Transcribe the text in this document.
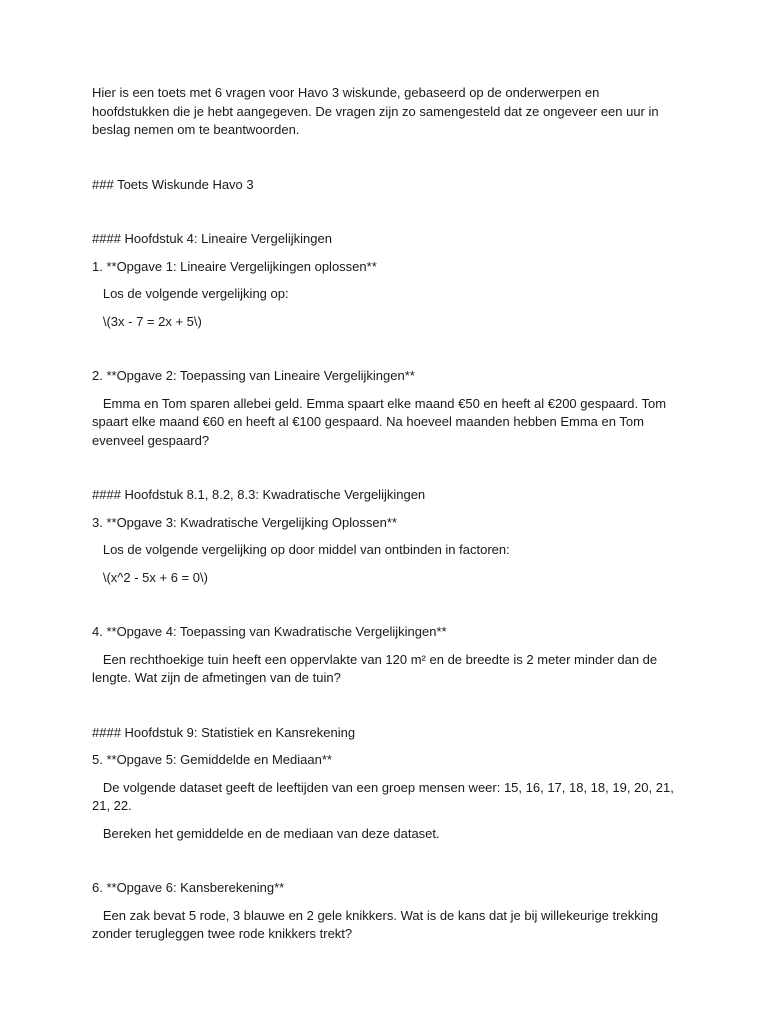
Hier is een toets met 6 vragen voor Havo 3 wiskunde, gebaseerd op de onderwerpen en hoofdstukken die je hebt aangegeven. De vragen zijn zo samengesteld dat ze ongeveer een uur in beslag nemen om te beantwoorden.

### Toets Wiskunde Havo 3

#### Hoofdstuk 4: Lineaire Vergelijkingen

1. **Opgave 1: Lineaire Vergelijkingen oplossen**

Los de volgende vergelijking op:

\(3x - 7 = 2x + 5\)

2. **Opgave 2: Toepassing van Lineaire Vergelijkingen**

Emma en Tom sparen allebei geld. Emma spaart elke maand €50 en heeft al €200 gespaard. Tom spaart elke maand €60 en heeft al €100 gespaard. Na hoeveel maanden hebben Emma en Tom evenveel gespaard?

#### Hoofdstuk 8.1, 8.2, 8.3: Kwadratische Vergelijkingen

3. **Opgave 3: Kwadratische Vergelijking Oplossen**

Los de volgende vergelijking op door middel van ontbinden in factoren:

\(x^2 - 5x + 6 = 0\)

4. **Opgave 4: Toepassing van Kwadratische Vergelijkingen**

Een rechthoekige tuin heeft een oppervlakte van 120 m² en de breedte is 2 meter minder dan de lengte. Wat zijn de afmetingen van de tuin?

#### Hoofdstuk 9: Statistiek en Kansrekening

5. **Opgave 5: Gemiddelde en Mediaan**

De volgende dataset geeft de leeftijden van een groep mensen weer: 15, 16, 17, 18, 18, 19, 20, 21, 21, 22.

Bereken het gemiddelde en de mediaan van deze dataset.

6. **Opgave 6: Kansberekening**

Een zak bevat 5 rode, 3 blauwe en 2 gele knikkers. Wat is de kans dat je bij willekeurige trekking zonder terugleggen twee rode knikkers trekt?
